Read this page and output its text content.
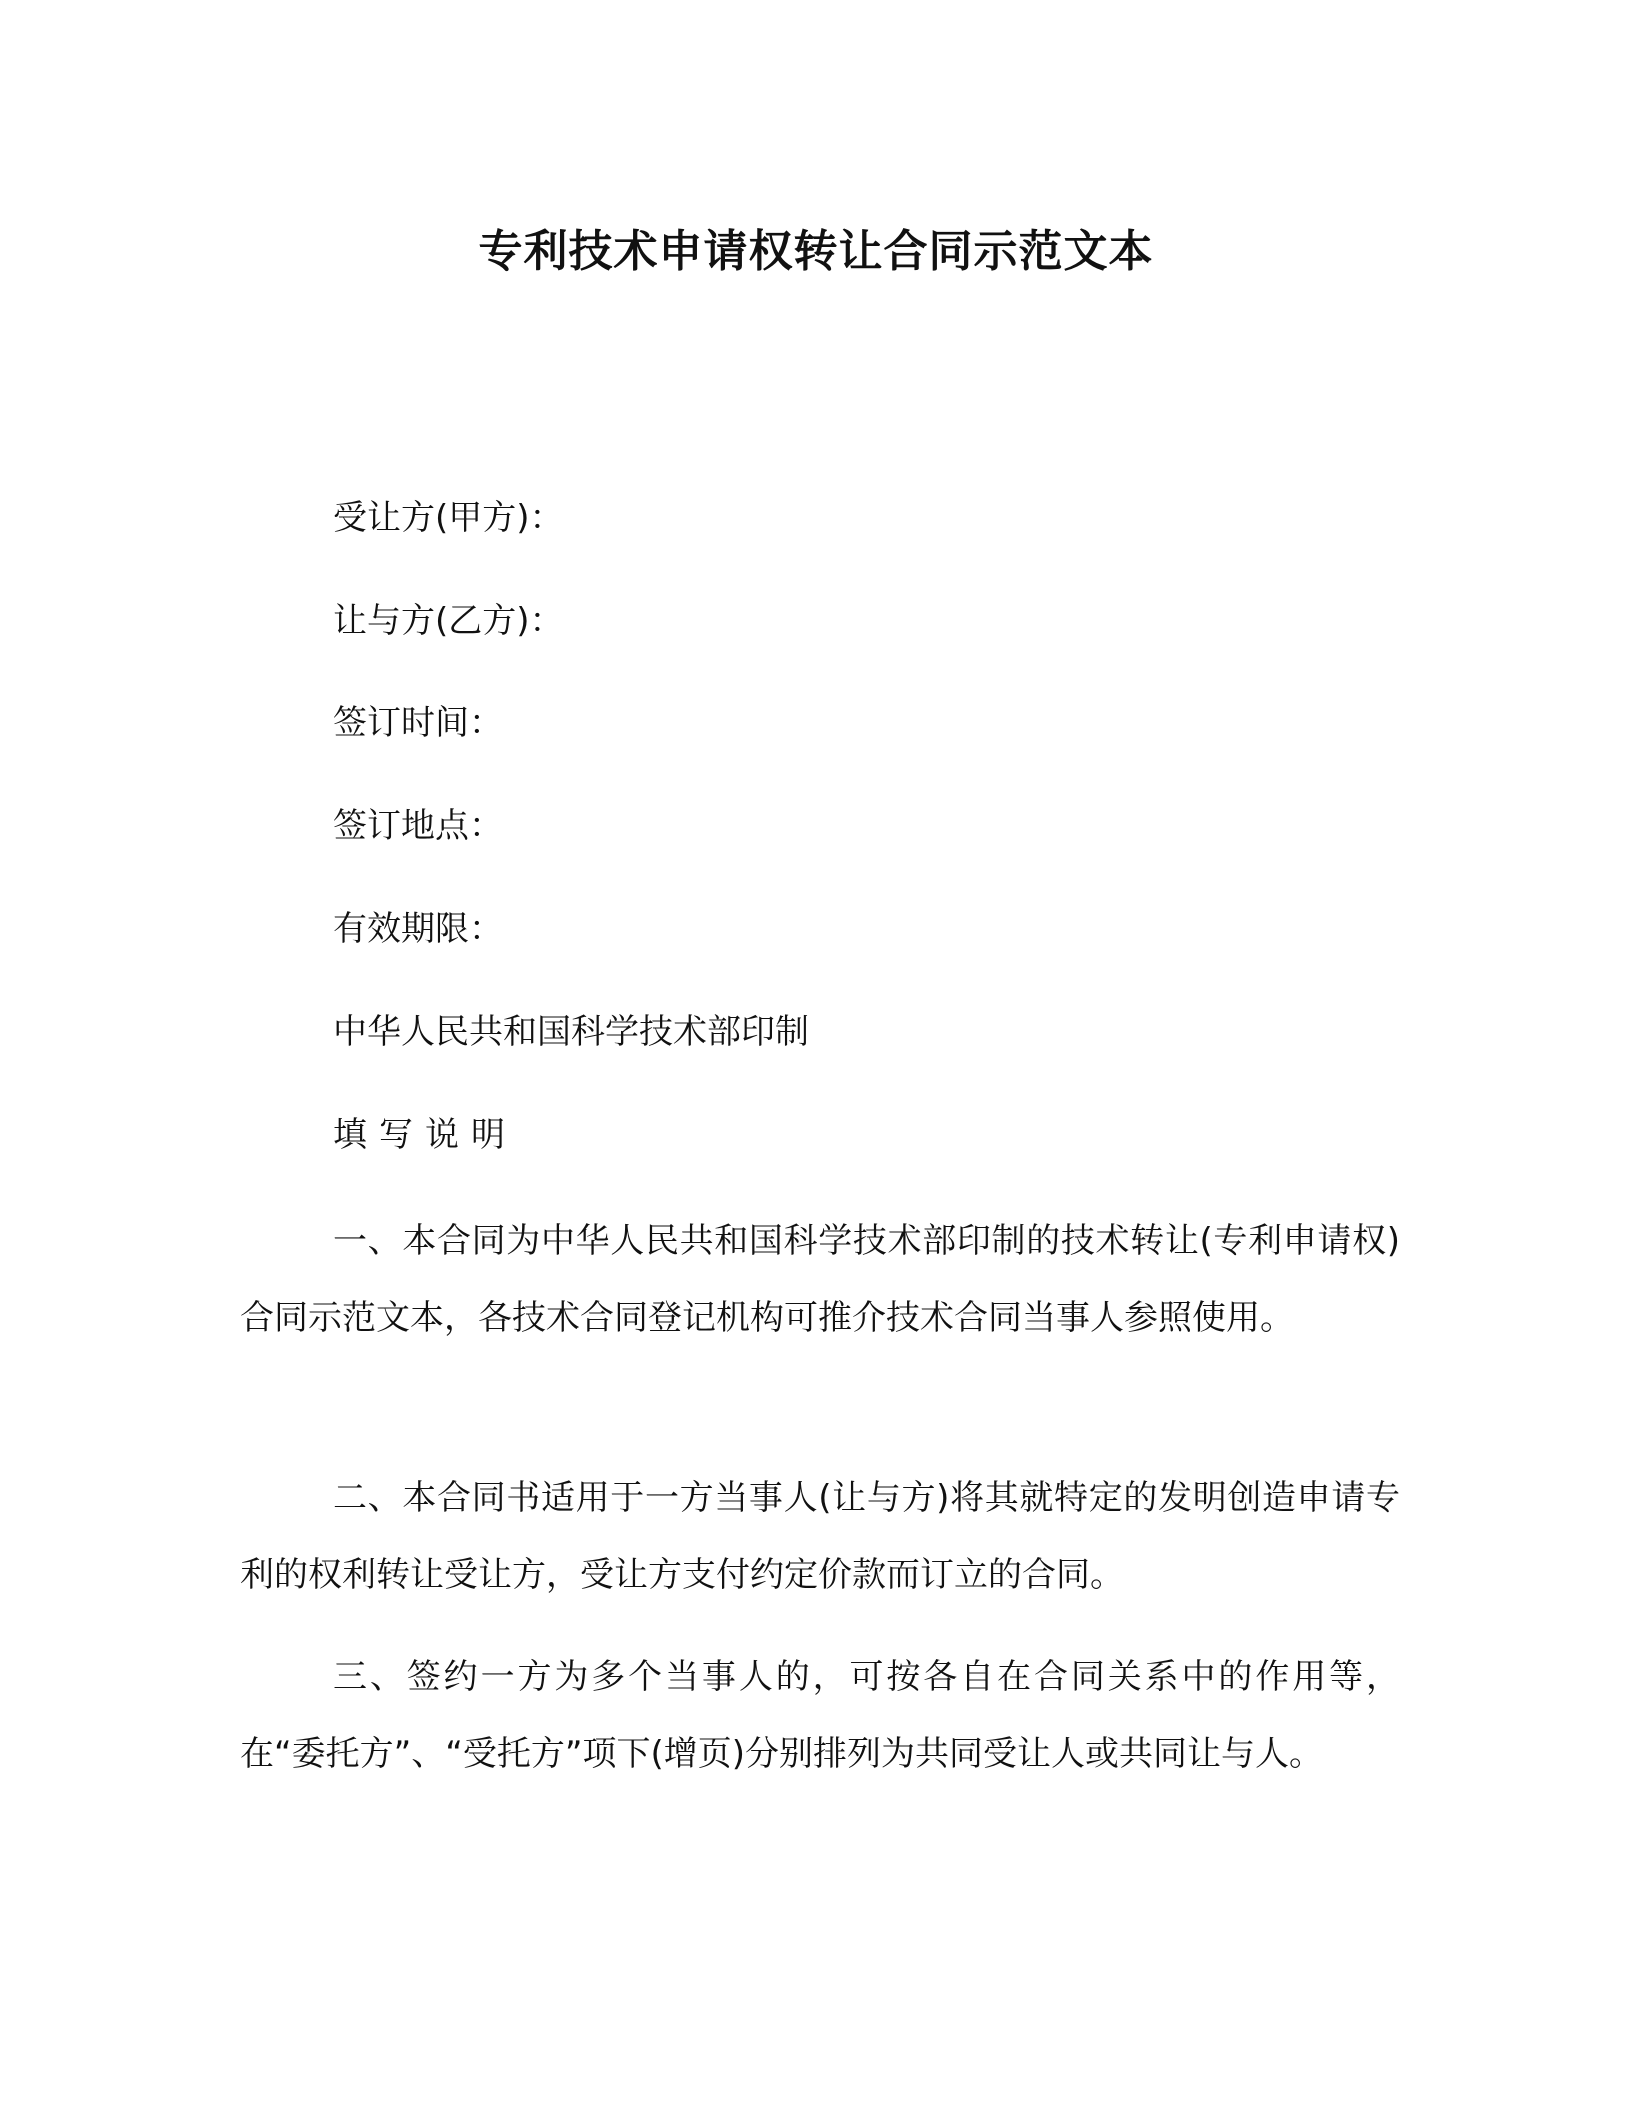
专利技术申请权转让合同示范文本

受让方(甲方)：

让与方(乙方)：

签订时间：

签订地点：

有效期限：

中华人民共和国科学技术部印制

填写说明

一、本合同为中华人民共和国科学技术部印制的技术转让(专利申请权)合同示范文本，各技术合同登记机构可推介技术合同当事人参照使用。

二、本合同书适用于一方当事人(让与方)将其就特定的发明创造申请专利的权利转让受让方，受让方支付约定价款而订立的合同。

三、签约一方为多个当事人的，可按各自在合同关系中的作用等，在“委托方”、“受托方”项下(增页)分别排列为共同受让人或共同让与人。
